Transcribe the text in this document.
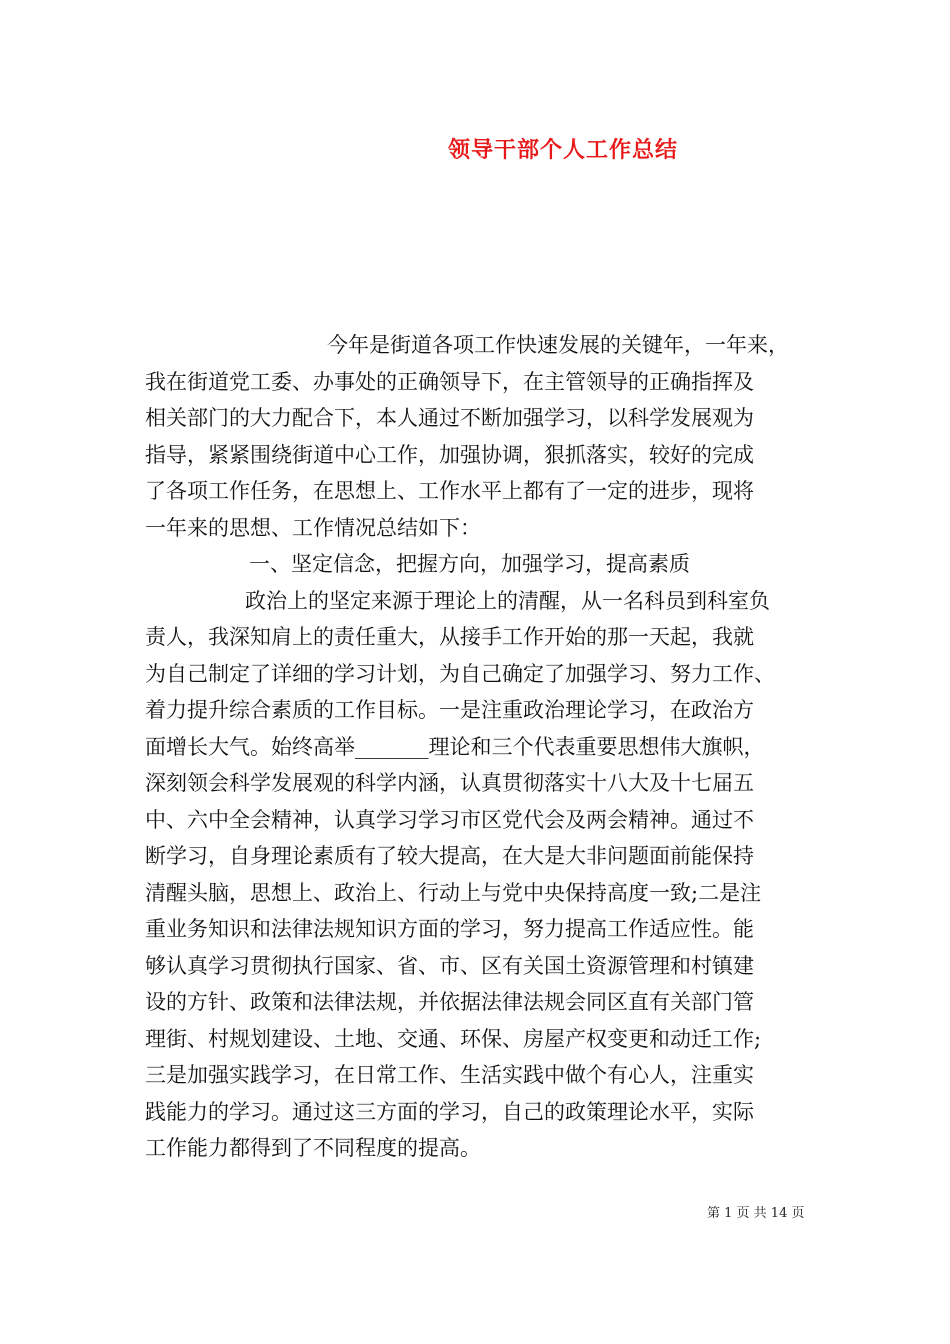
领导干部个人工作总结
今年是街道各项工作快速发展的关键年，一年来，
我在街道党工委、办事处的正确领导下，在主管领导的正确指挥及
相关部门的大力配合下，本人通过不断加强学习，以科学发展观为
指导，紧紧围绕街道中心工作，加强协调，狠抓落实，较好的完成
了各项工作任务，在思想上、工作水平上都有了一定的进步，现将
一年来的思想、工作情况总结如下：
一、坚定信念，把握方向，加强学习，提高素质
政治上的坚定来源于理论上的清醒，从一名科员到科室负
责人，我深知肩上的责任重大，从接手工作开始的那一天起，我就
为自己制定了详细的学习计划，为自己确定了加强学习、努力工作、
着力提升综合素质的工作目标。一是注重政治理论学习，在政治方
面增长大气。始终高举_______理论和三个代表重要思想伟大旗帜，
深刻领会科学发展观的科学内涵，认真贯彻落实十八大及十七届五
中、六中全会精神，认真学习学习市区党代会及两会精神。通过不
断学习，自身理论素质有了较大提高，在大是大非问题面前能保持
清醒头脑，思想上、政治上、行动上与党中央保持高度一致;二是注
重业务知识和法律法规知识方面的学习，努力提高工作适应性。能
够认真学习贯彻执行国家、省、市、区有关国土资源管理和村镇建
设的方针、政策和法律法规，并依据法律法规会同区直有关部门管
理街、村规划建设、土地、交通、环保、房屋产权变更和动迁工作;
三是加强实践学习，在日常工作、生活实践中做个有心人，注重实
践能力的学习。通过这三方面的学习，自己的政策理论水平，实际
工作能力都得到了不同程度的提高。
第 1 页 共 14 页
